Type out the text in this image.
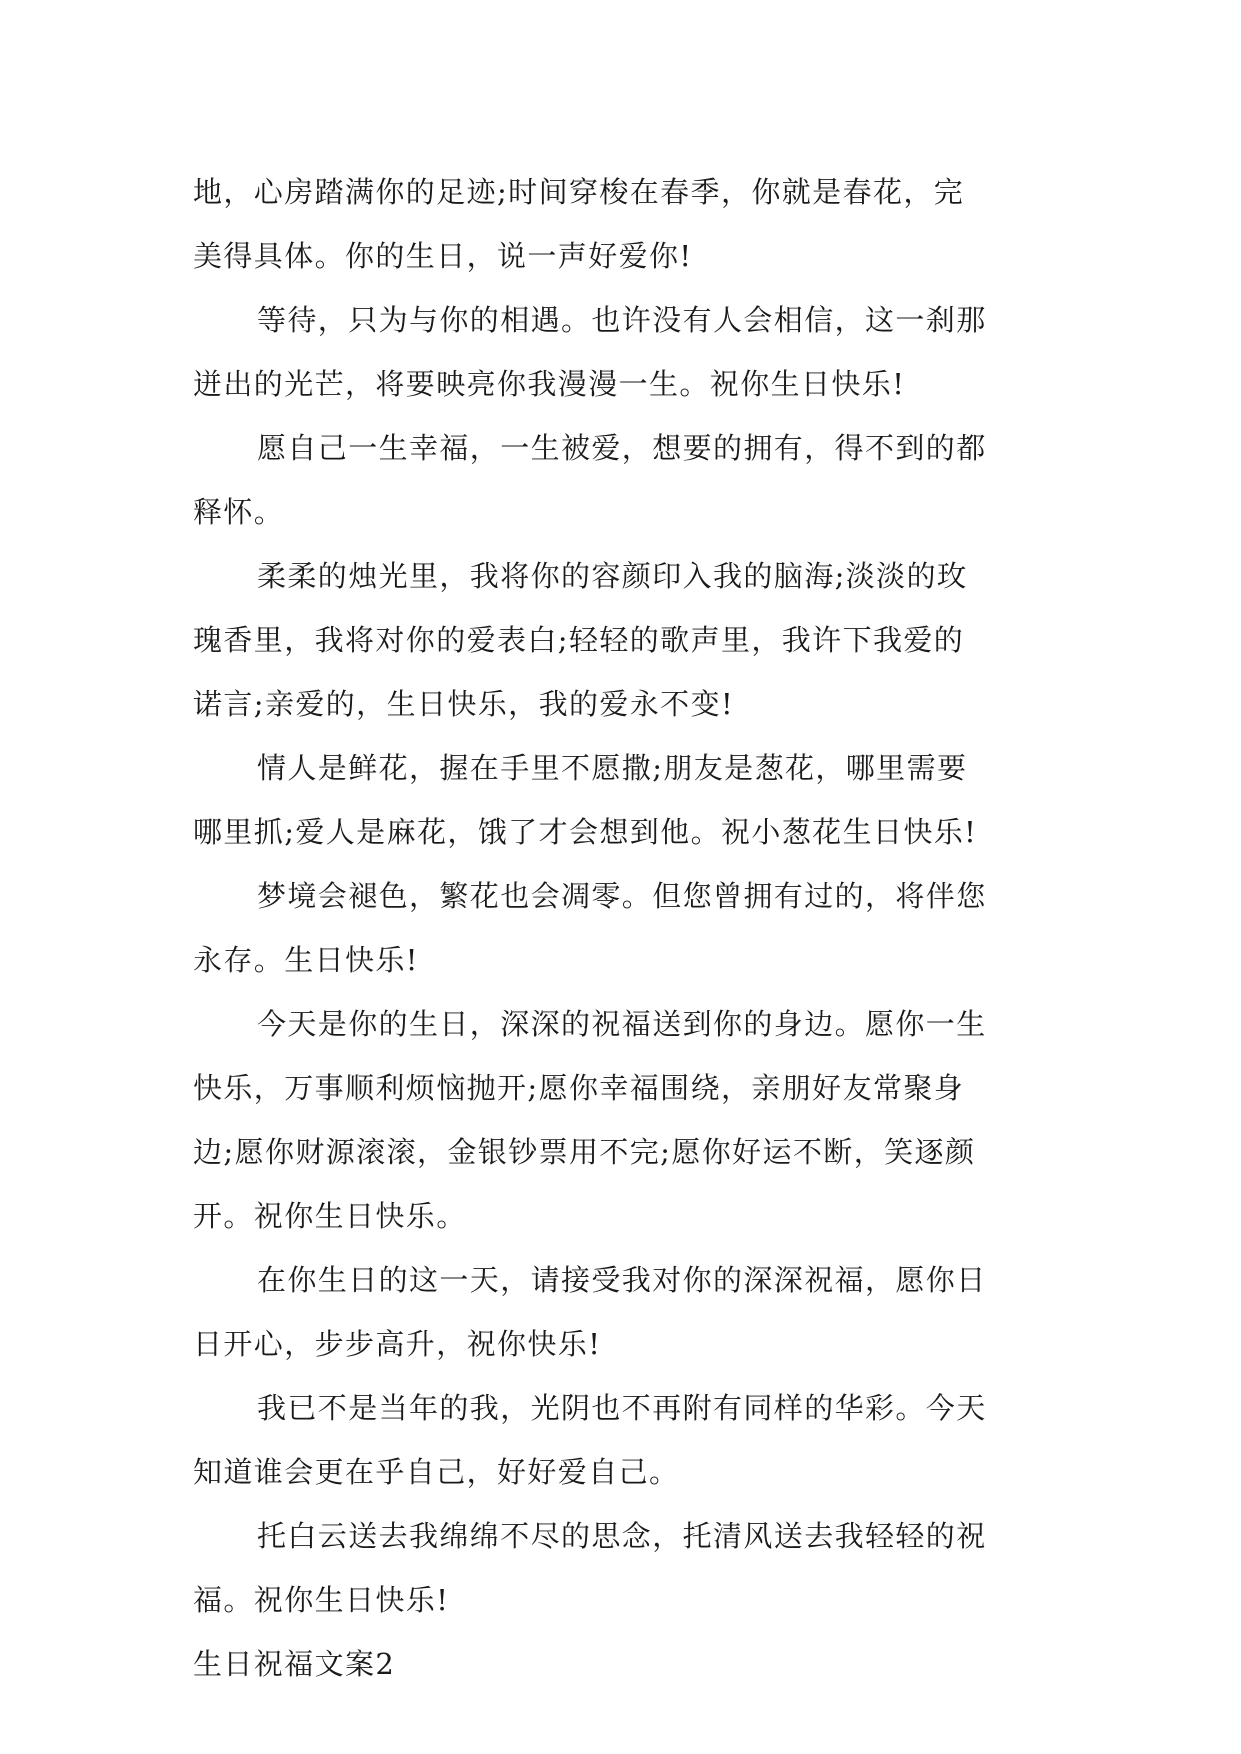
地，心房踏满你的足迹;时间穿梭在春季，你就是春花，完
美得具体。你的生日，说一声好爱你!
等待，只为与你的相遇。也许没有人会相信，这一刹那
迸出的光芒，将要映亮你我漫漫一生。祝你生日快乐!
愿自己一生幸福，一生被爱，想要的拥有，得不到的都
释怀。
柔柔的烛光里，我将你的容颜印入我的脑海;淡淡的玫
瑰香里，我将对你的爱表白;轻轻的歌声里，我许下我爱的
诺言;亲爱的，生日快乐，我的爱永不变!
情人是鲜花，握在手里不愿撒;朋友是葱花，哪里需要
哪里抓;爱人是麻花，饿了才会想到他。祝小葱花生日快乐!
梦境会褪色，繁花也会凋零。但您曾拥有过的，将伴您
永存。生日快乐!
今天是你的生日，深深的祝福送到你的身边。愿你一生
快乐，万事顺利烦恼抛开;愿你幸福围绕，亲朋好友常聚身
边;愿你财源滚滚，金银钞票用不完;愿你好运不断，笑逐颜
开。祝你生日快乐。
在你生日的这一天，请接受我对你的深深祝福，愿你日
日开心，步步高升，祝你快乐!
我已不是当年的我，光阴也不再附有同样的华彩。今天
知道谁会更在乎自己，好好爱自己。
托白云送去我绵绵不尽的思念，托清风送去我轻轻的祝
福。祝你生日快乐!
生日祝福文案2
